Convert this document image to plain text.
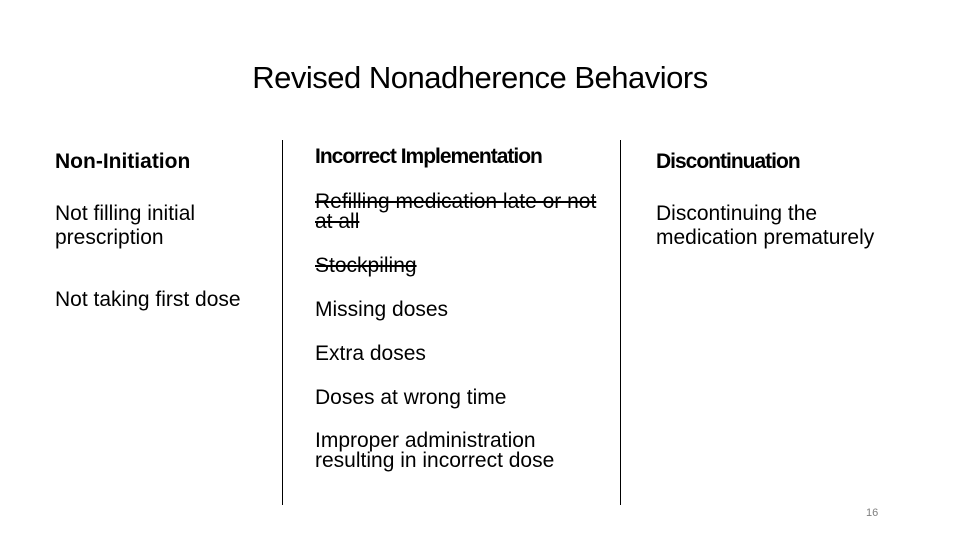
Revised Nonadherence Behaviors
Non-Initiation
Not filling initial prescription
Not taking first dose
Incorrect Implementation
Refilling medication late or not at all
Stockpiling
Missing doses
Extra doses
Doses at wrong time
Improper administration resulting in incorrect dose
Discontinuation
Discontinuing the medication prematurely
16
